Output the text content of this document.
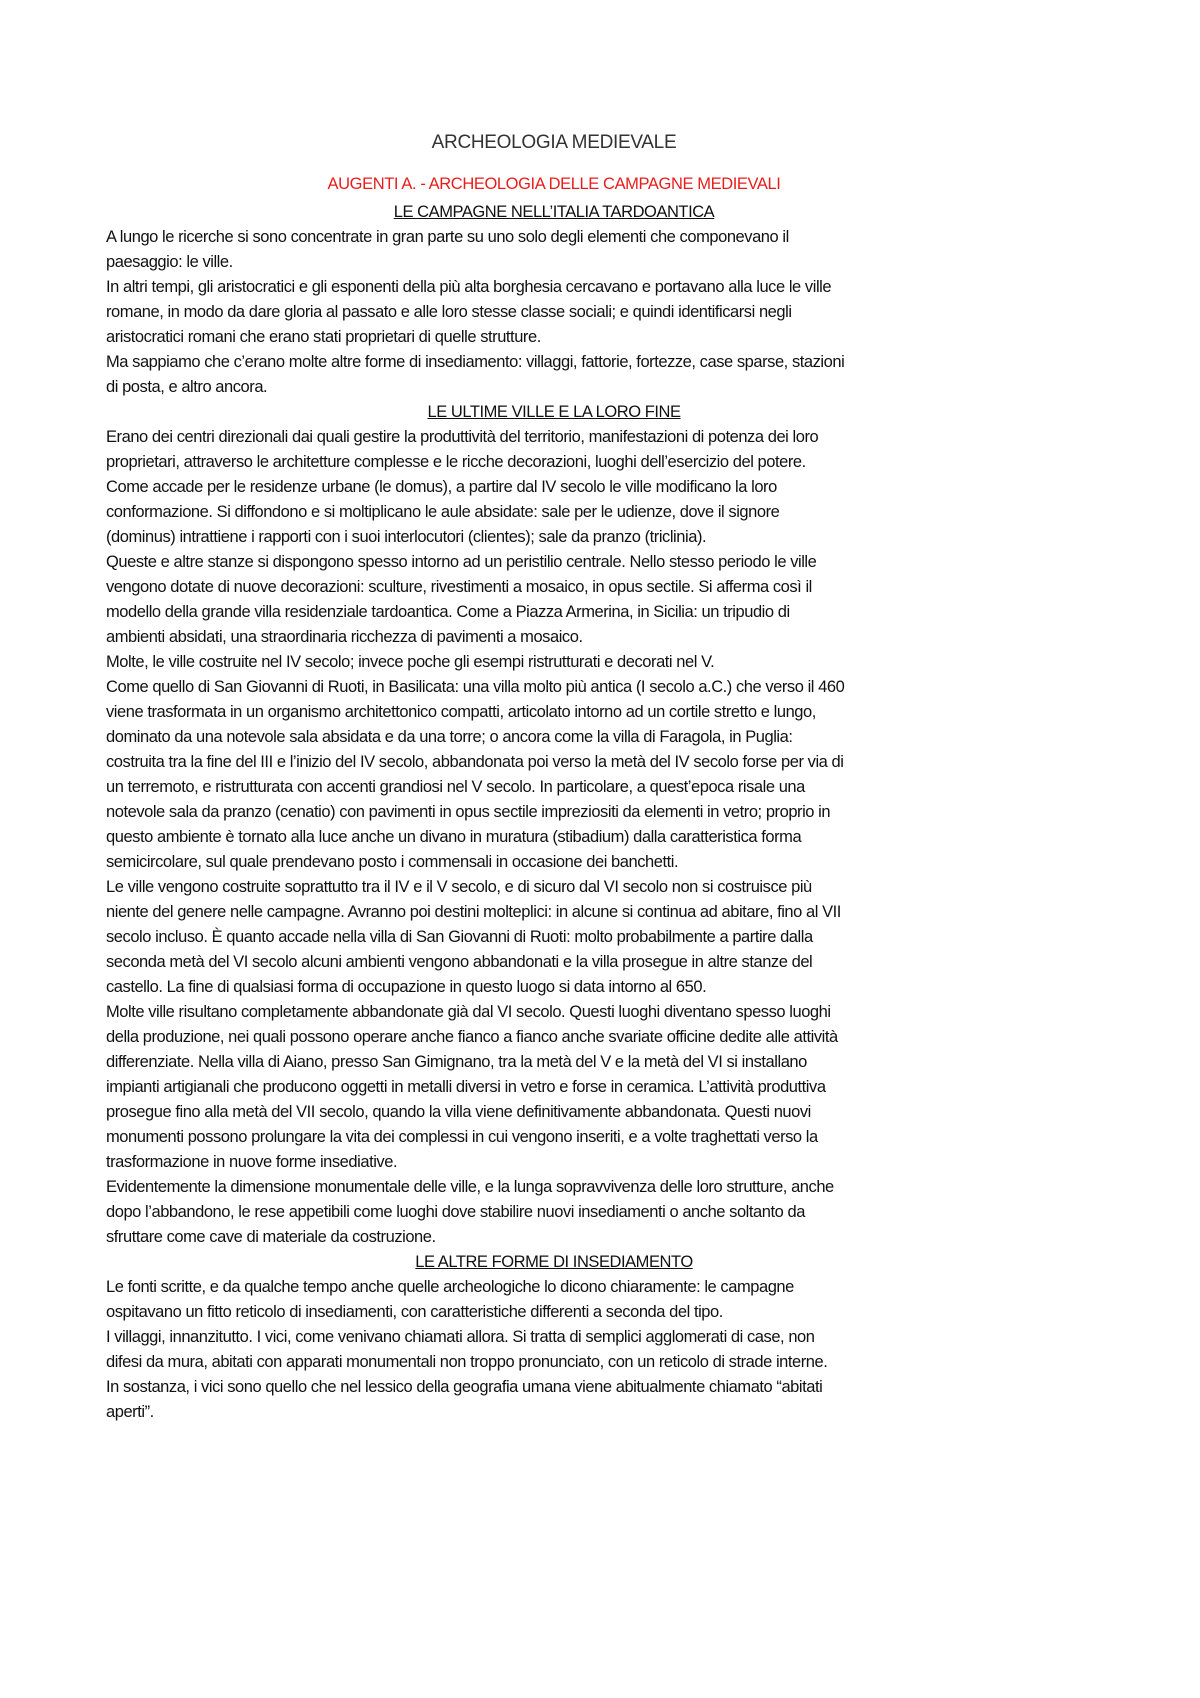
ARCHEOLOGIA MEDIEVALE
AUGENTI A. - ARCHEOLOGIA DELLE CAMPAGNE MEDIEVALI
LE CAMPAGNE NELL’ITALIA TARDOANTICA
A lungo le ricerche si sono concentrate in gran parte su uno solo degli elementi che componevano il
paesaggio: le ville.
In altri tempi, gli aristocratici e gli esponenti della più alta borghesia cercavano e portavano alla luce le ville
romane, in modo da dare gloria al passato e alle loro stesse classe sociali; e quindi identificarsi negli
aristocratici romani che erano stati proprietari di quelle strutture.
Ma sappiamo che c’erano molte altre forme di insediamento: villaggi, fattorie, fortezze, case sparse, stazioni
di posta, e altro ancora.
LE ULTIME VILLE E LA LORO FINE
Erano dei centri direzionali dai quali gestire la produttività del territorio, manifestazioni di potenza dei loro
proprietari, attraverso le architetture complesse e le ricche decorazioni, luoghi dell’esercizio del potere.
Come accade per le residenze urbane (le domus), a partire dal IV secolo le ville modificano la loro
conformazione. Si diffondono e si moltiplicano le aule absidate: sale per le udienze, dove il signore
(dominus) intrattiene i rapporti con i suoi interlocutori (clientes); sale da pranzo (triclinia).
Queste e altre stanze si dispongono spesso intorno ad un peristilio centrale. Nello stesso periodo le ville
vengono dotate di nuove decorazioni: sculture, rivestimenti a mosaico, in opus sectile. Si afferma così il
modello della grande villa residenziale tardoantica. Come a Piazza Armerina, in Sicilia: un tripudio di
ambienti absidati, una straordinaria ricchezza di pavimenti a mosaico.
Molte, le ville costruite nel IV secolo; invece poche gli esempi ristrutturati e decorati nel V.
Come quello di San Giovanni di Ruoti, in Basilicata: una villa molto più antica (I secolo a.C.) che verso il 460
viene trasformata in un organismo architettonico compatti, articolato intorno ad un cortile stretto e lungo,
dominato da una notevole sala absidata e da una torre; o ancora come la villa di Faragola, in Puglia:
costruita tra la fine del III e l’inizio del IV secolo, abbandonata poi verso la metà del IV secolo forse per via di
un terremoto, e ristrutturata con accenti grandiosi nel V secolo. In particolare, a quest’epoca risale una
notevole sala da pranzo (cenatio) con pavimenti in opus sectile impreziositi da elementi in vetro; proprio in
questo ambiente è tornato alla luce anche un divano in muratura (stibadium) dalla caratteristica forma
semicircolare, sul quale prendevano posto i commensali in occasione dei banchetti.
Le ville vengono costruite soprattutto tra il IV e il V secolo, e di sicuro dal VI secolo non si costruisce più
niente del genere nelle campagne. Avranno poi destini molteplici: in alcune si continua ad abitare, fino al VII
secolo incluso. È quanto accade nella villa di San Giovanni di Ruoti: molto probabilmente a partire dalla
seconda metà del VI secolo alcuni ambienti vengono abbandonati e la villa prosegue in altre stanze del
castello. La fine di qualsiasi forma di occupazione in questo luogo si data intorno al 650.
Molte ville risultano completamente abbandonate già dal VI secolo. Questi luoghi diventano spesso luoghi
della produzione, nei quali possono operare anche fianco a fianco anche svariate officine dedite alle attività
differenziate. Nella villa di Aiano, presso San Gimignano, tra la metà del V e la metà del VI si installano
impianti artigianali che producono oggetti in metalli diversi in vetro e forse in ceramica. L’attività produttiva
prosegue fino alla metà del VII secolo, quando la villa viene definitivamente abbandonata. Questi nuovi
monumenti possono prolungare la vita dei complessi in cui vengono inseriti, e a volte traghettati verso la
trasformazione in nuove forme insediative.
Evidentemente la dimensione monumentale delle ville, e la lunga sopravvivenza delle loro strutture, anche
dopo l’abbandono, le rese appetibili come luoghi dove stabilire nuovi insediamenti o anche soltanto da
sfruttare come cave di materiale da costruzione.
LE ALTRE FORME DI INSEDIAMENTO
Le fonti scritte, e da qualche tempo anche quelle archeologiche lo dicono chiaramente: le campagne
ospitavano un fitto reticolo di insediamenti, con caratteristiche differenti a seconda del tipo.
I villaggi, innanzitutto. I vici, come venivano chiamati allora. Si tratta di semplici agglomerati di case, non
difesi da mura, abitati con apparati monumentali non troppo pronunciato, con un reticolo di strade interne.
In sostanza, i vici sono quello che nel lessico della geografia umana viene abitualmente chiamato “abitati
aperti”.
